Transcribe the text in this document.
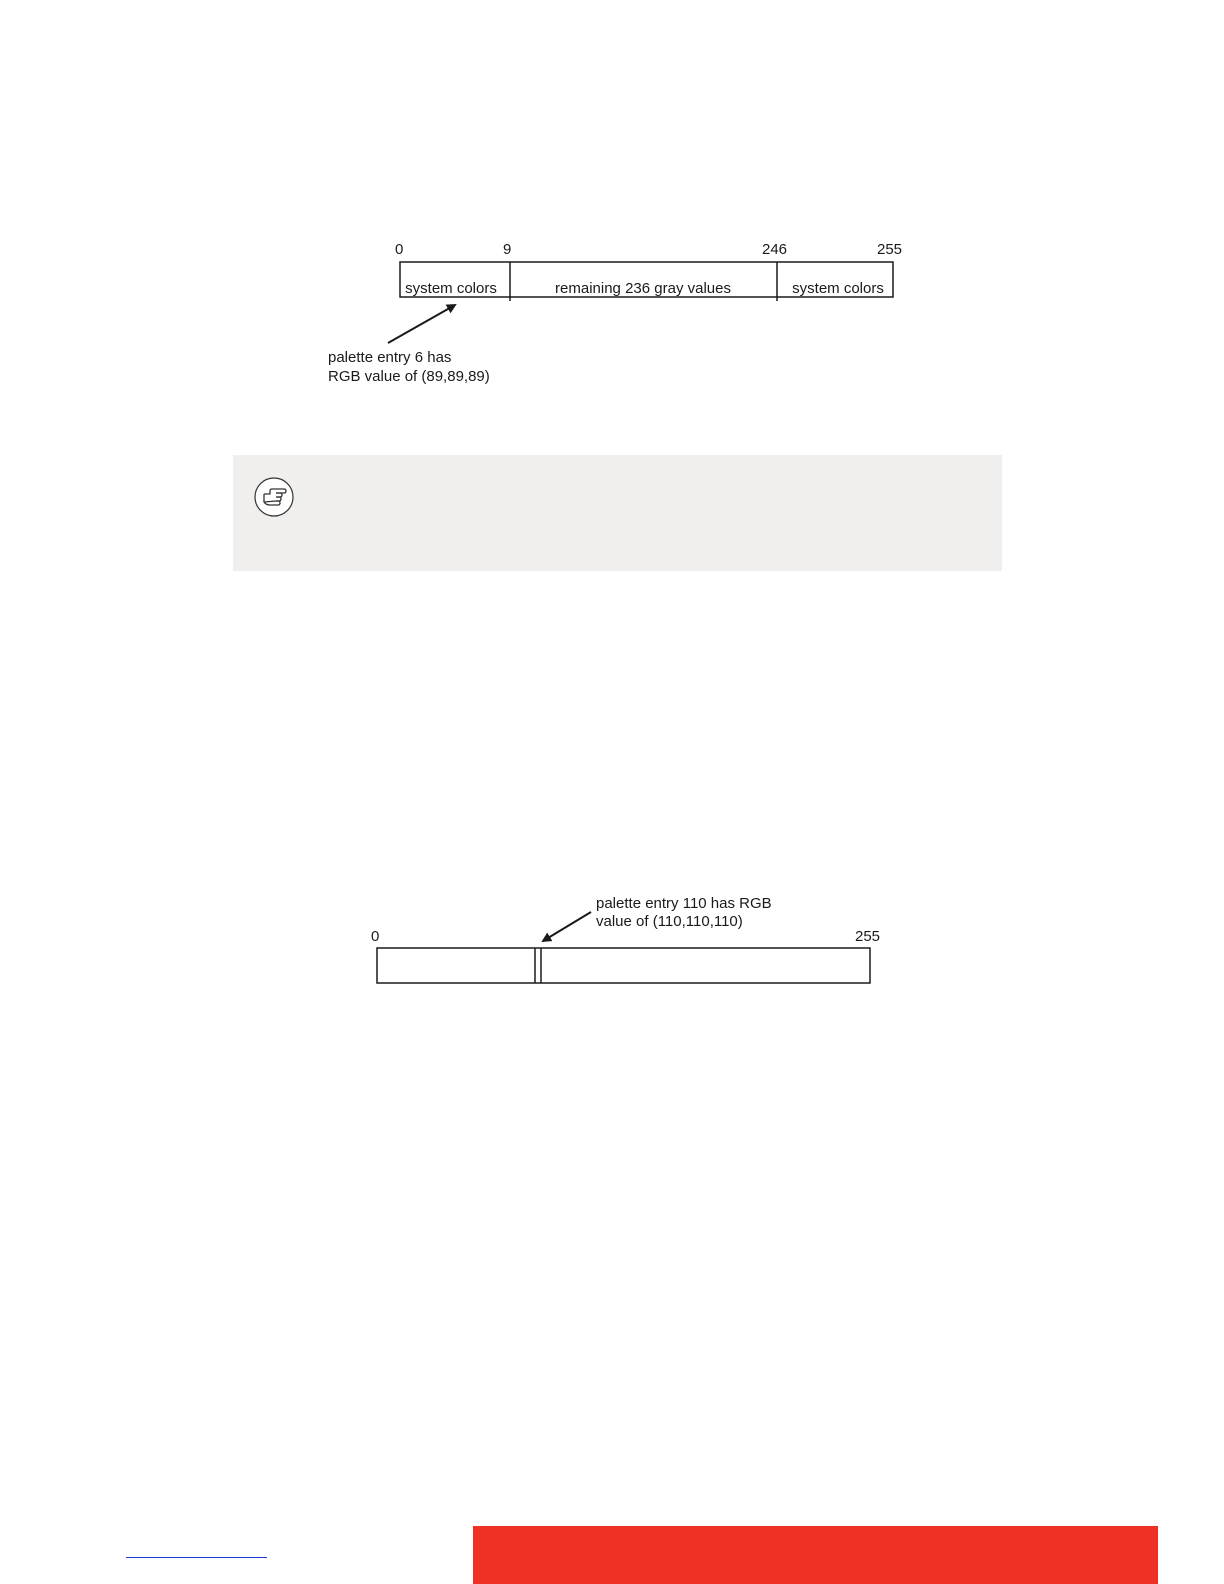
0	9	246	255
system colors	remaining 236 gray values	system colors
palette entry 6 has
RGB value of (89,89,89)
palette entry 110 has RGB
value of (110,110,110)
0	255
